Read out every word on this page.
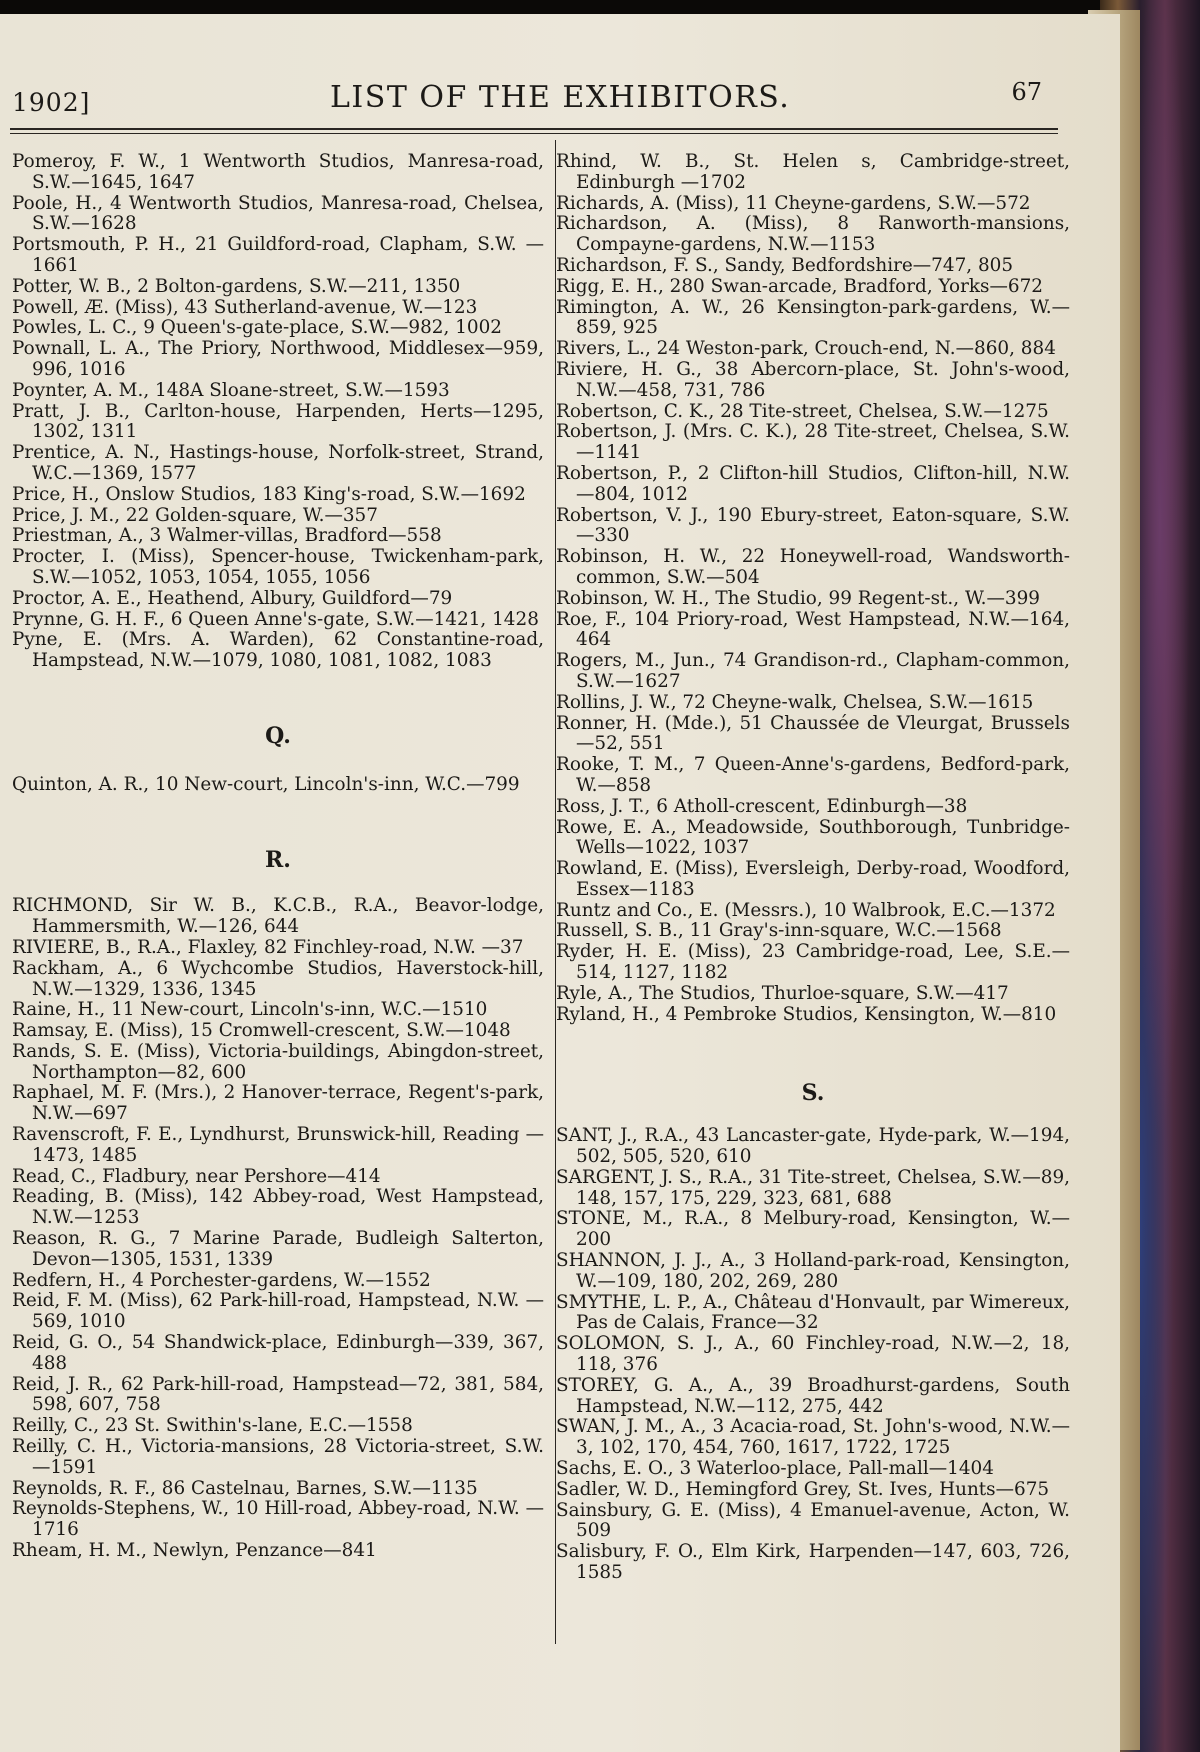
1902]	LIST OF THE EXHIBITORS.	67

Pomeroy, F. W., 1 Wentworth Studios, Manresa-road, S.W.—1645, 1647

Poole, H., 4 Wentworth Studios, Manresa-road, Chelsea, S.W.—1628

Portsmouth, P. H., 21 Guildford-road, Clapham, S.W. —1661

Potter, W. B., 2 Bolton-gardens, S.W.—211, 1350

Powell, Æ. (Miss), 43 Sutherland-avenue, W.—123

Powles, L. C., 9 Queen's-gate-place, S.W.—982, 1002

Pownall, L. A., The Priory, Northwood, Middlesex—959, 996, 1016

Poynter, A. M., 148A Sloane-street, S.W.—1593

Pratt, J. B., Carlton-house, Harpenden, Herts—1295, 1302, 1311

Prentice, A. N., Hastings-house, Norfolk-street, Strand, W.C.—1369, 1577

Price, H., Onslow Studios, 183 King's-road, S.W.—1692

Price, J. M., 22 Golden-square, W.—357

Priestman, A., 3 Walmer-villas, Bradford—558

Procter, I. (Miss), Spencer-house, Twickenham-park, S.W.—1052, 1053, 1054, 1055, 1056

Proctor, A. E., Heathend, Albury, Guildford—79

Prynne, G. H. F., 6 Queen Anne's-gate, S.W.—1421, 1428

Pyne, E. (Mrs. A. Warden), 62 Constantine-road, Hampstead, N.W.—1079, 1080, 1081, 1082, 1083

Q.

Quinton, A. R., 10 New-court, Lincoln's-inn, W.C.—799

R.

RICHMOND, Sir W. B., K.C.B., R.A., Beavor-lodge, Hammersmith, W.—126, 644

RIVIERE, B., R.A., Flaxley, 82 Finchley-road, N.W. —37

Rackham, A., 6 Wychcombe Studios, Haverstock-hill, N.W.—1329, 1336, 1345

Raine, H., 11 New-court, Lincoln's-inn, W.C.—1510

Ramsay, E. (Miss), 15 Cromwell-crescent, S.W.—1048

Rands, S. E. (Miss), Victoria-buildings, Abingdon-street, Northampton—82, 600

Raphael, M. F. (Mrs.), 2 Hanover-terrace, Regent's-park, N.W.—697

Ravenscroft, F. E., Lyndhurst, Brunswick-hill, Reading —1473, 1485

Read, C., Fladbury, near Pershore—414

Reading, B. (Miss), 142 Abbey-road, West Hampstead, N.W.—1253

Reason, R. G., 7 Marine Parade, Budleigh Salterton, Devon—1305, 1531, 1339

Redfern, H., 4 Porchester-gardens, W.—1552

Reid, F. M. (Miss), 62 Park-hill-road, Hampstead, N.W. —569, 1010

Reid, G. O., 54 Shandwick-place, Edinburgh—339, 367, 488

Reid, J. R., 62 Park-hill-road, Hampstead—72, 381, 584, 598, 607, 758

Reilly, C., 23 St. Swithin's-lane, E.C.—1558

Reilly, C. H., Victoria-mansions, 28 Victoria-street, S.W.—1591

Reynolds, R. F., 86 Castelnau, Barnes, S.W.—1135

Reynolds-Stephens, W., 10 Hill-road, Abbey-road, N.W. —1716

Rheam, H. M., Newlyn, Penzance—841

Rhind, W. B., St. Helen s, Cambridge-street, Edinburgh —1702

Richards, A. (Miss), 11 Cheyne-gardens, S.W.—572

Richardson, A. (Miss), 8 Ranworth-mansions, Compayne-gardens, N.W.—1153

Richardson, F. S., Sandy, Bedfordshire—747, 805

Rigg, E. H., 280 Swan-arcade, Bradford, Yorks—672

Rimington, A. W., 26 Kensington-park-gardens, W.—859, 925

Rivers, L., 24 Weston-park, Crouch-end, N.—860, 884

Riviere, H. G., 38 Abercorn-place, St. John's-wood, N.W.—458, 731, 786

Robertson, C. K., 28 Tite-street, Chelsea, S.W.—1275

Robertson, J. (Mrs. C. K.), 28 Tite-street, Chelsea, S.W. —1141

Robertson, P., 2 Clifton-hill Studios, Clifton-hill, N.W. —804, 1012

Robertson, V. J., 190 Ebury-street, Eaton-square, S.W. —330

Robinson, H. W., 22 Honeywell-road, Wandsworth-common, S.W.—504

Robinson, W. H., The Studio, 99 Regent-st., W.—399

Roe, F., 104 Priory-road, West Hampstead, N.W.—164, 464

Rogers, M., Jun., 74 Grandison-rd., Clapham-common, S.W.—1627

Rollins, J. W., 72 Cheyne-walk, Chelsea, S.W.—1615

Ronner, H. (Mde.), 51 Chaussée de Vleurgat, Brussels —52, 551

Rooke, T. M., 7 Queen-Anne's-gardens, Bedford-park, W.—858

Ross, J. T., 6 Atholl-crescent, Edinburgh—38

Rowe, E. A., Meadowside, Southborough, Tunbridge-Wells—1022, 1037

Rowland, E. (Miss), Eversleigh, Derby-road, Woodford, Essex—1183

Runtz and Co., E. (Messrs.), 10 Walbrook, E.C.—1372

Russell, S. B., 11 Gray's-inn-square, W.C.—1568

Ryder, H. E. (Miss), 23 Cambridge-road, Lee, S.E.—514, 1127, 1182

Ryle, A., The Studios, Thurloe-square, S.W.—417

Ryland, H., 4 Pembroke Studios, Kensington, W.—810

S.

SANT, J., R.A., 43 Lancaster-gate, Hyde-park, W.—194, 502, 505, 520, 610

SARGENT, J. S., R.A., 31 Tite-street, Chelsea, S.W.—89, 148, 157, 175, 229, 323, 681, 688

STONE, M., R.A., 8 Melbury-road, Kensington, W.—200

SHANNON, J. J., A., 3 Holland-park-road, Kensington, W.—109, 180, 202, 269, 280

SMYTHE, L. P., A., Château d'Honvault, par Wimereux, Pas de Calais, France—32

SOLOMON, S. J., A., 60 Finchley-road, N.W.—2, 18, 118, 376

STOREY, G. A., A., 39 Broadhurst-gardens, South Hampstead, N.W.—112, 275, 442

SWAN, J. M., A., 3 Acacia-road, St. John's-wood, N.W.—3, 102, 170, 454, 760, 1617, 1722, 1725

Sachs, E. O., 3 Waterloo-place, Pall-mall—1404

Sadler, W. D., Hemingford Grey, St. Ives, Hunts—675

Sainsbury, G. E. (Miss), 4 Emanuel-avenue, Acton, W. 509

Salisbury, F. O., Elm Kirk, Harpenden—147, 603, 726, 1585
